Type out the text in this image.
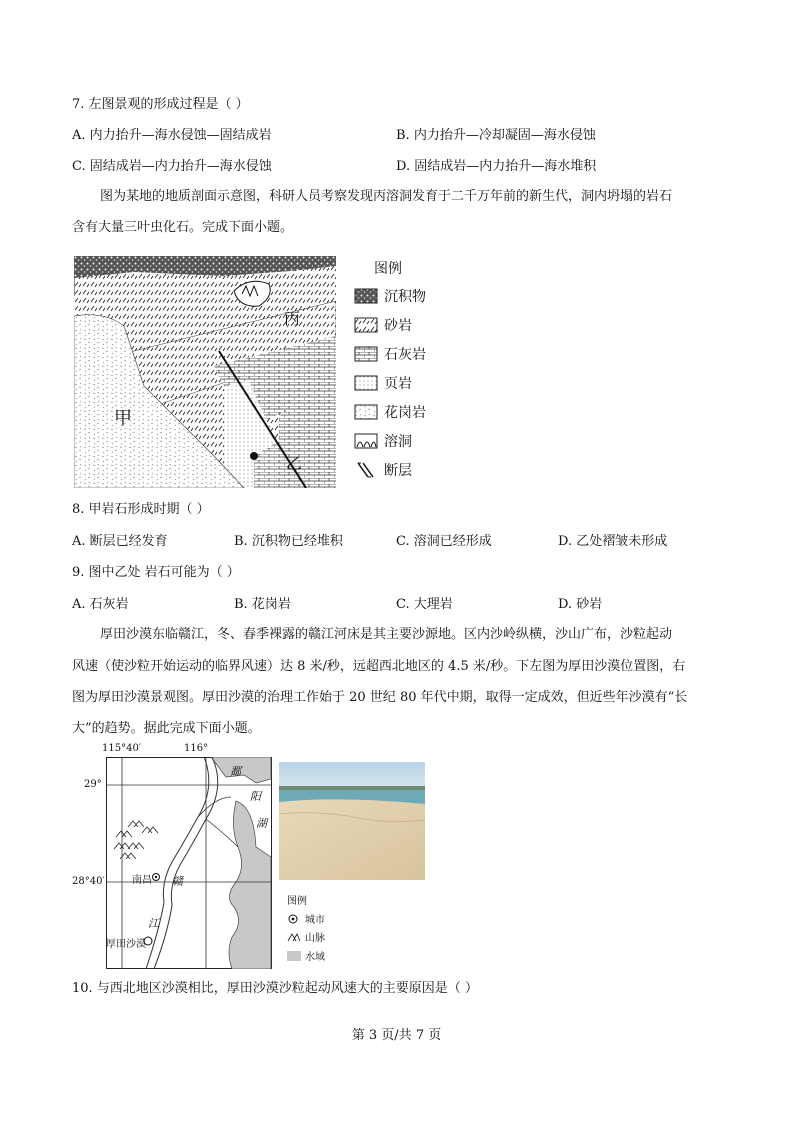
7. 左图景观的形成过程是（ ）
A. 内力抬升—海水侵蚀—固结成岩	B. 内力抬升—冷却凝固—海水侵蚀
C. 固结成岩—内力抬升—海水侵蚀	D. 固结成岩—内力抬升—海水堆积
图为某地的地质剖面示意图，科研人员考察发现丙溶洞发育于二千万年前的新生代，洞内坍塌的岩石
含有大量三叶虫化石。完成下面小题。
甲
乙
丙
图例
沉积物
砂岩
石灰岩
页岩
花岗岩
溶洞
断层
8. 甲岩石形成时期（ ）
A. 断层已经发育	B. 沉积物已经堆积	C. 溶洞已经形成	D. 乙处褶皱未形成
9. 图中乙处 岩石可能为（ ）
A. 石灰岩	B. 花岗岩	C. 大理岩	D. 砂岩
厚田沙漠东临赣江，冬、春季裸露的赣江河床是其主要沙源地。区内沙岭纵横，沙山广布，沙粒起动
风速（使沙粒开始运动的临界风速）达 8 米/秒，远超西北地区的 4.5 米/秒。下左图为厚田沙漠位置图，右
图为厚田沙漠景观图。厚田沙漠的治理工作始于 20 世纪 80 年代中期，取得一定成效，但近些年沙漠有“长
大”的趋势。据此完成下面小题。
115°40′	116°
29°
28°40′
鄱
阳
湖
赣
江
南昌
厚田沙漠
图例
城市
山脉
水域
10. 与西北地区沙漠相比，厚田沙漠沙粒起动风速大的主要原因是（ ）
第 3 页/共 7 页
